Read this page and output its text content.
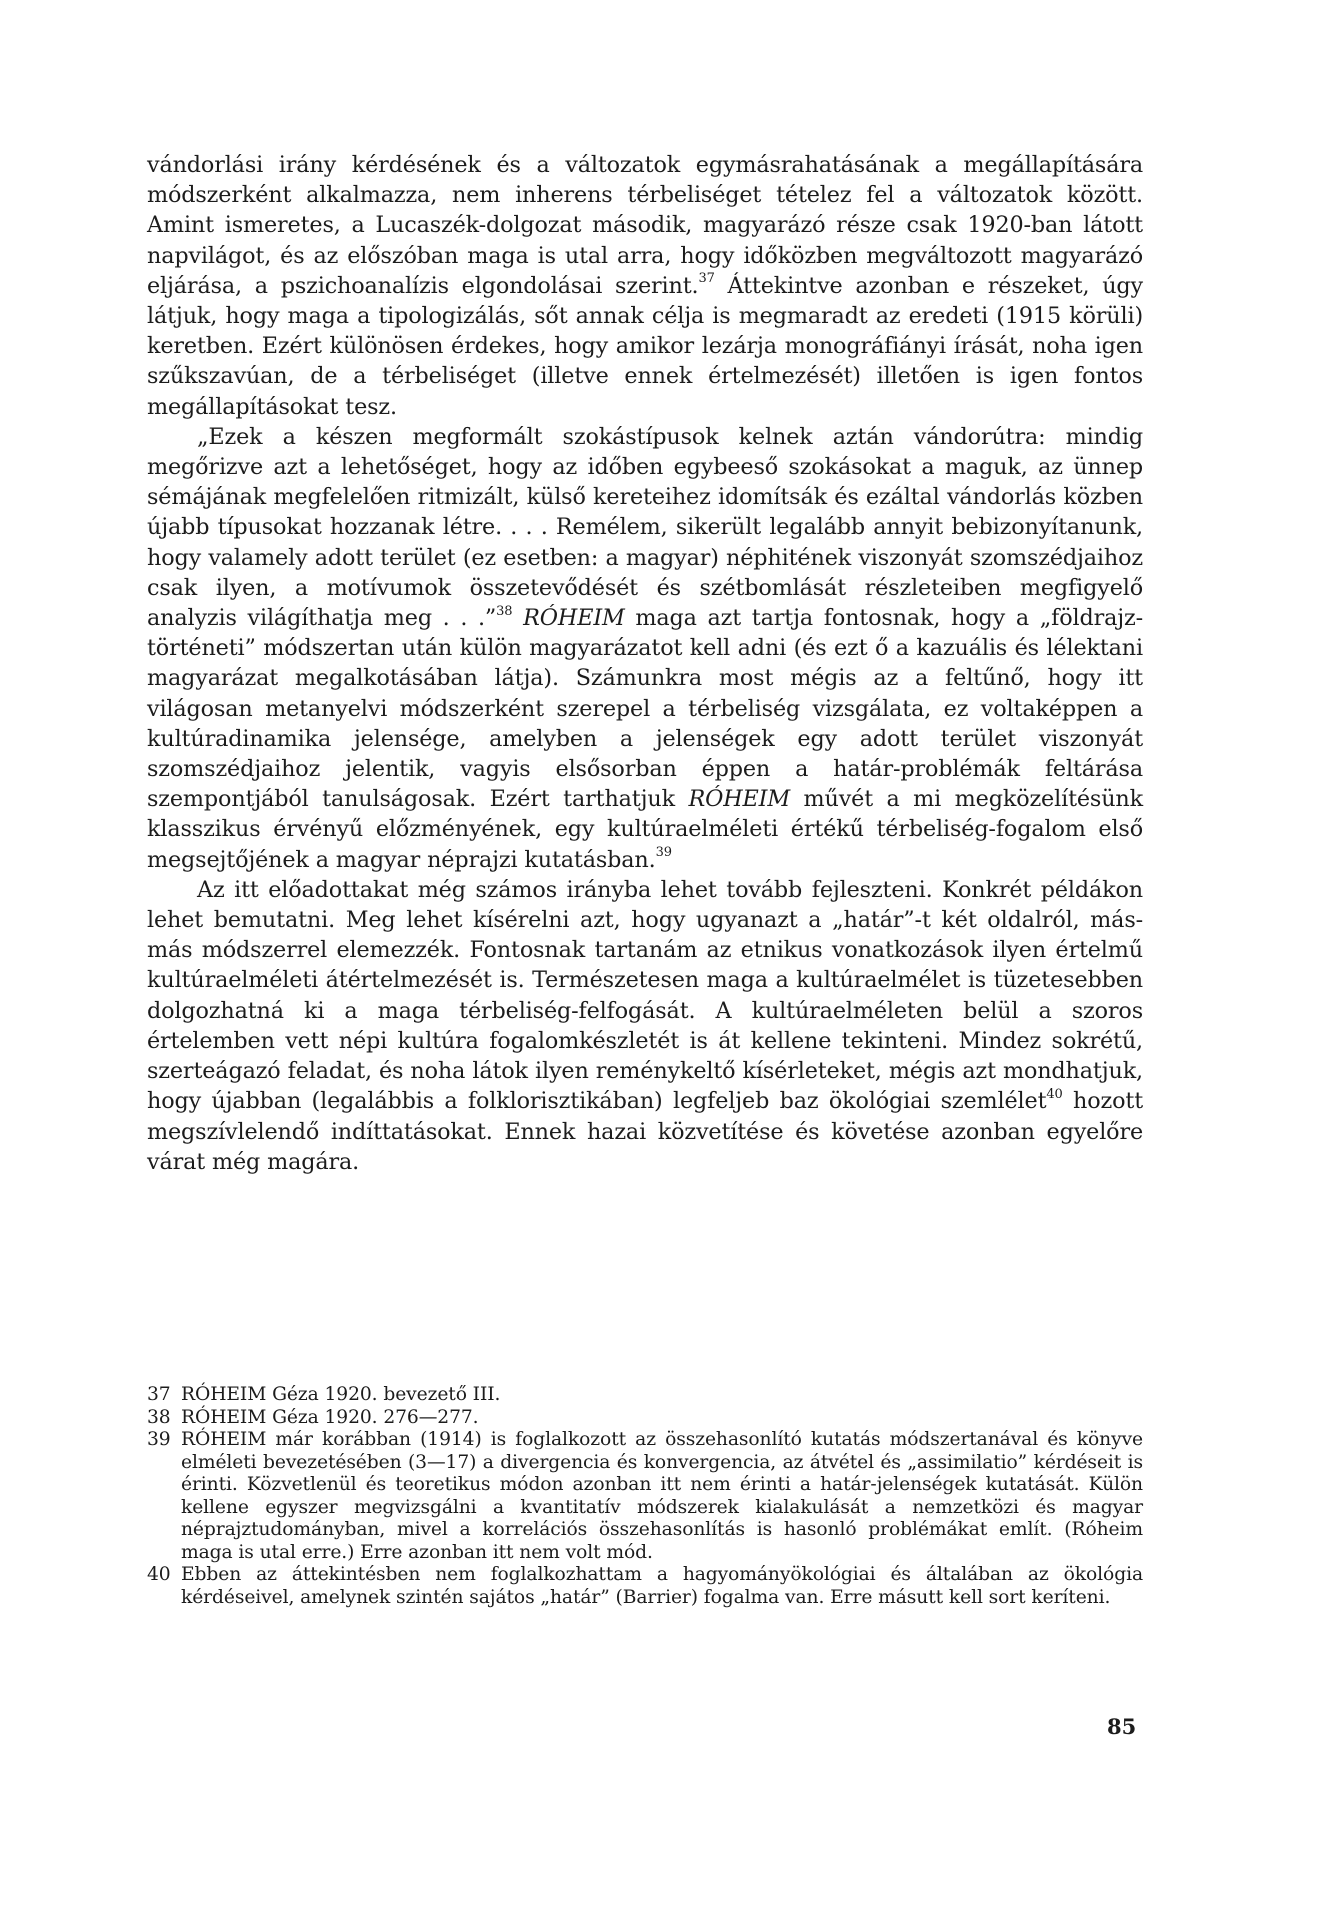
vándorlási irány kérdésének és a változatok egymásrahatásának a megállapítására módszerként alkalmazza, nem inherens térbeliséget tételez fel a változatok között. Amint ismeretes, a Lucaszék-dolgozat második, magyarázó része csak 1920-ban látott napvilágot, és az előszóban maga is utal arra, hogy időközben megváltozott magyarázó eljárása, a pszichoanalízis elgondolásai szerint.$^{37}$ Áttekintve azonban e részeket, úgy látjuk, hogy maga a tipologizálás, sőt annak célja is megmaradt az eredeti (1915 körüli) keretben. Ezért különösen érdekes, hogy amikor lezárja monográfiányi írását, noha igen szűkszavúan, de a térbeliséget (illetve ennek értelmezését) illetően is igen fontos megállapításokat tesz.

„Ezek a készen megformált szokástípusok kelnek aztán vándorútra: mindig megőrizve azt a lehetőséget, hogy az időben egybeeső szokásokat a maguk, az ünnep sémájának megfelelően ritmizált, külső kereteihez idomítsák és ezáltal vándorlás közben újabb típusokat hozzanak létre. . . . Remélem, sikerült legalább annyit bebizonyítanunk, hogy valamely adott terület (ez esetben: a magyar) néphitének viszonyát szomszédjaihoz csak ilyen, a motívumok összetevődését és szétbomlását részleteiben megfigyelő analyzis világíthatja meg . . .”$^{38}$ RÓHEIM maga azt tartja fontosnak, hogy a „földrajz-történeti” módszertan után külön magyarázatot kell adni (és ezt ő a kazuális és lélektani magyarázat megalkotásában látja). Számunkra most mégis az a feltűnő, hogy itt világosan metanyelvi módszerként szerepel a térbeliség vizsgálata, ez voltaképpen a kultúradinamika jelensége, amelyben a jelenségek egy adott terület viszonyát szomszédjaihoz jelentik, vagyis elsősorban éppen a határ-problémák feltárása szempontjából tanulságosak. Ezért tarthatjuk RÓHEIM művét a mi megközelítésünk klasszikus érvényű előzményének, egy kultúraelméleti értékű térbeliség-fogalom első megsejtőjének a magyar néprajzi kutatásban.$^{39}$

Az itt előadottakat még számos irányba lehet tovább fejleszteni. Konkrét példákon lehet bemutatni. Meg lehet kísérelni azt, hogy ugyanazt a „határ”-t két oldalról, más-más módszerrel elemezzék. Fontosnak tartanám az etnikus vonatkozások ilyen értelmű kultúraelméleti átértelmezését is. Természetesen maga a kultúraelmélet is tüzetesebben dolgozhatná ki a maga térbeliség-felfogását. A kultúraelméleten belül a szoros értelemben vett népi kultúra fogalomkészletét is át kellene tekinteni. Mindez sokrétű, szerteágazó feladat, és noha látok ilyen reménykeltő kísérleteket, mégis azt mondhatjuk, hogy újabban (legalábbis a folklorisztikában) legfeljeb baz ökológiai szemlélet$^{40}$ hozott megszívlelendő indíttatásokat. Ennek hazai közvetítése és követése azonban egyelőre várat még magára.

37 RÓHEIM Géza 1920. bevezető III.
38 RÓHEIM Géza 1920. 276—277.
39 RÓHEIM már korábban (1914) is foglalkozott az összehasonlító kutatás módszertanával és könyve elméleti bevezetésében (3—17) a divergencia és konvergencia, az átvétel és „assimilatio” kérdéseit is érinti. Közvetlenül és teoretikus módon azonban itt nem érinti a határ-jelenségek kutatását. Külön kellene egyszer megvizsgálni a kvantitatív módszerek kialakulását a nemzetközi és magyar néprajztudományban, mivel a korrelációs összehasonlítás is hasonló problémákat említ. (Róheim maga is utal erre.) Erre azonban itt nem volt mód.
40 Ebben az áttekintésben nem foglalkozhattam a hagyományökológiai és általában az ökológia kérdéseivel, amelynek szintén sajátos „határ” (Barrier) fogalma van. Erre másutt kell sort keríteni.
85
